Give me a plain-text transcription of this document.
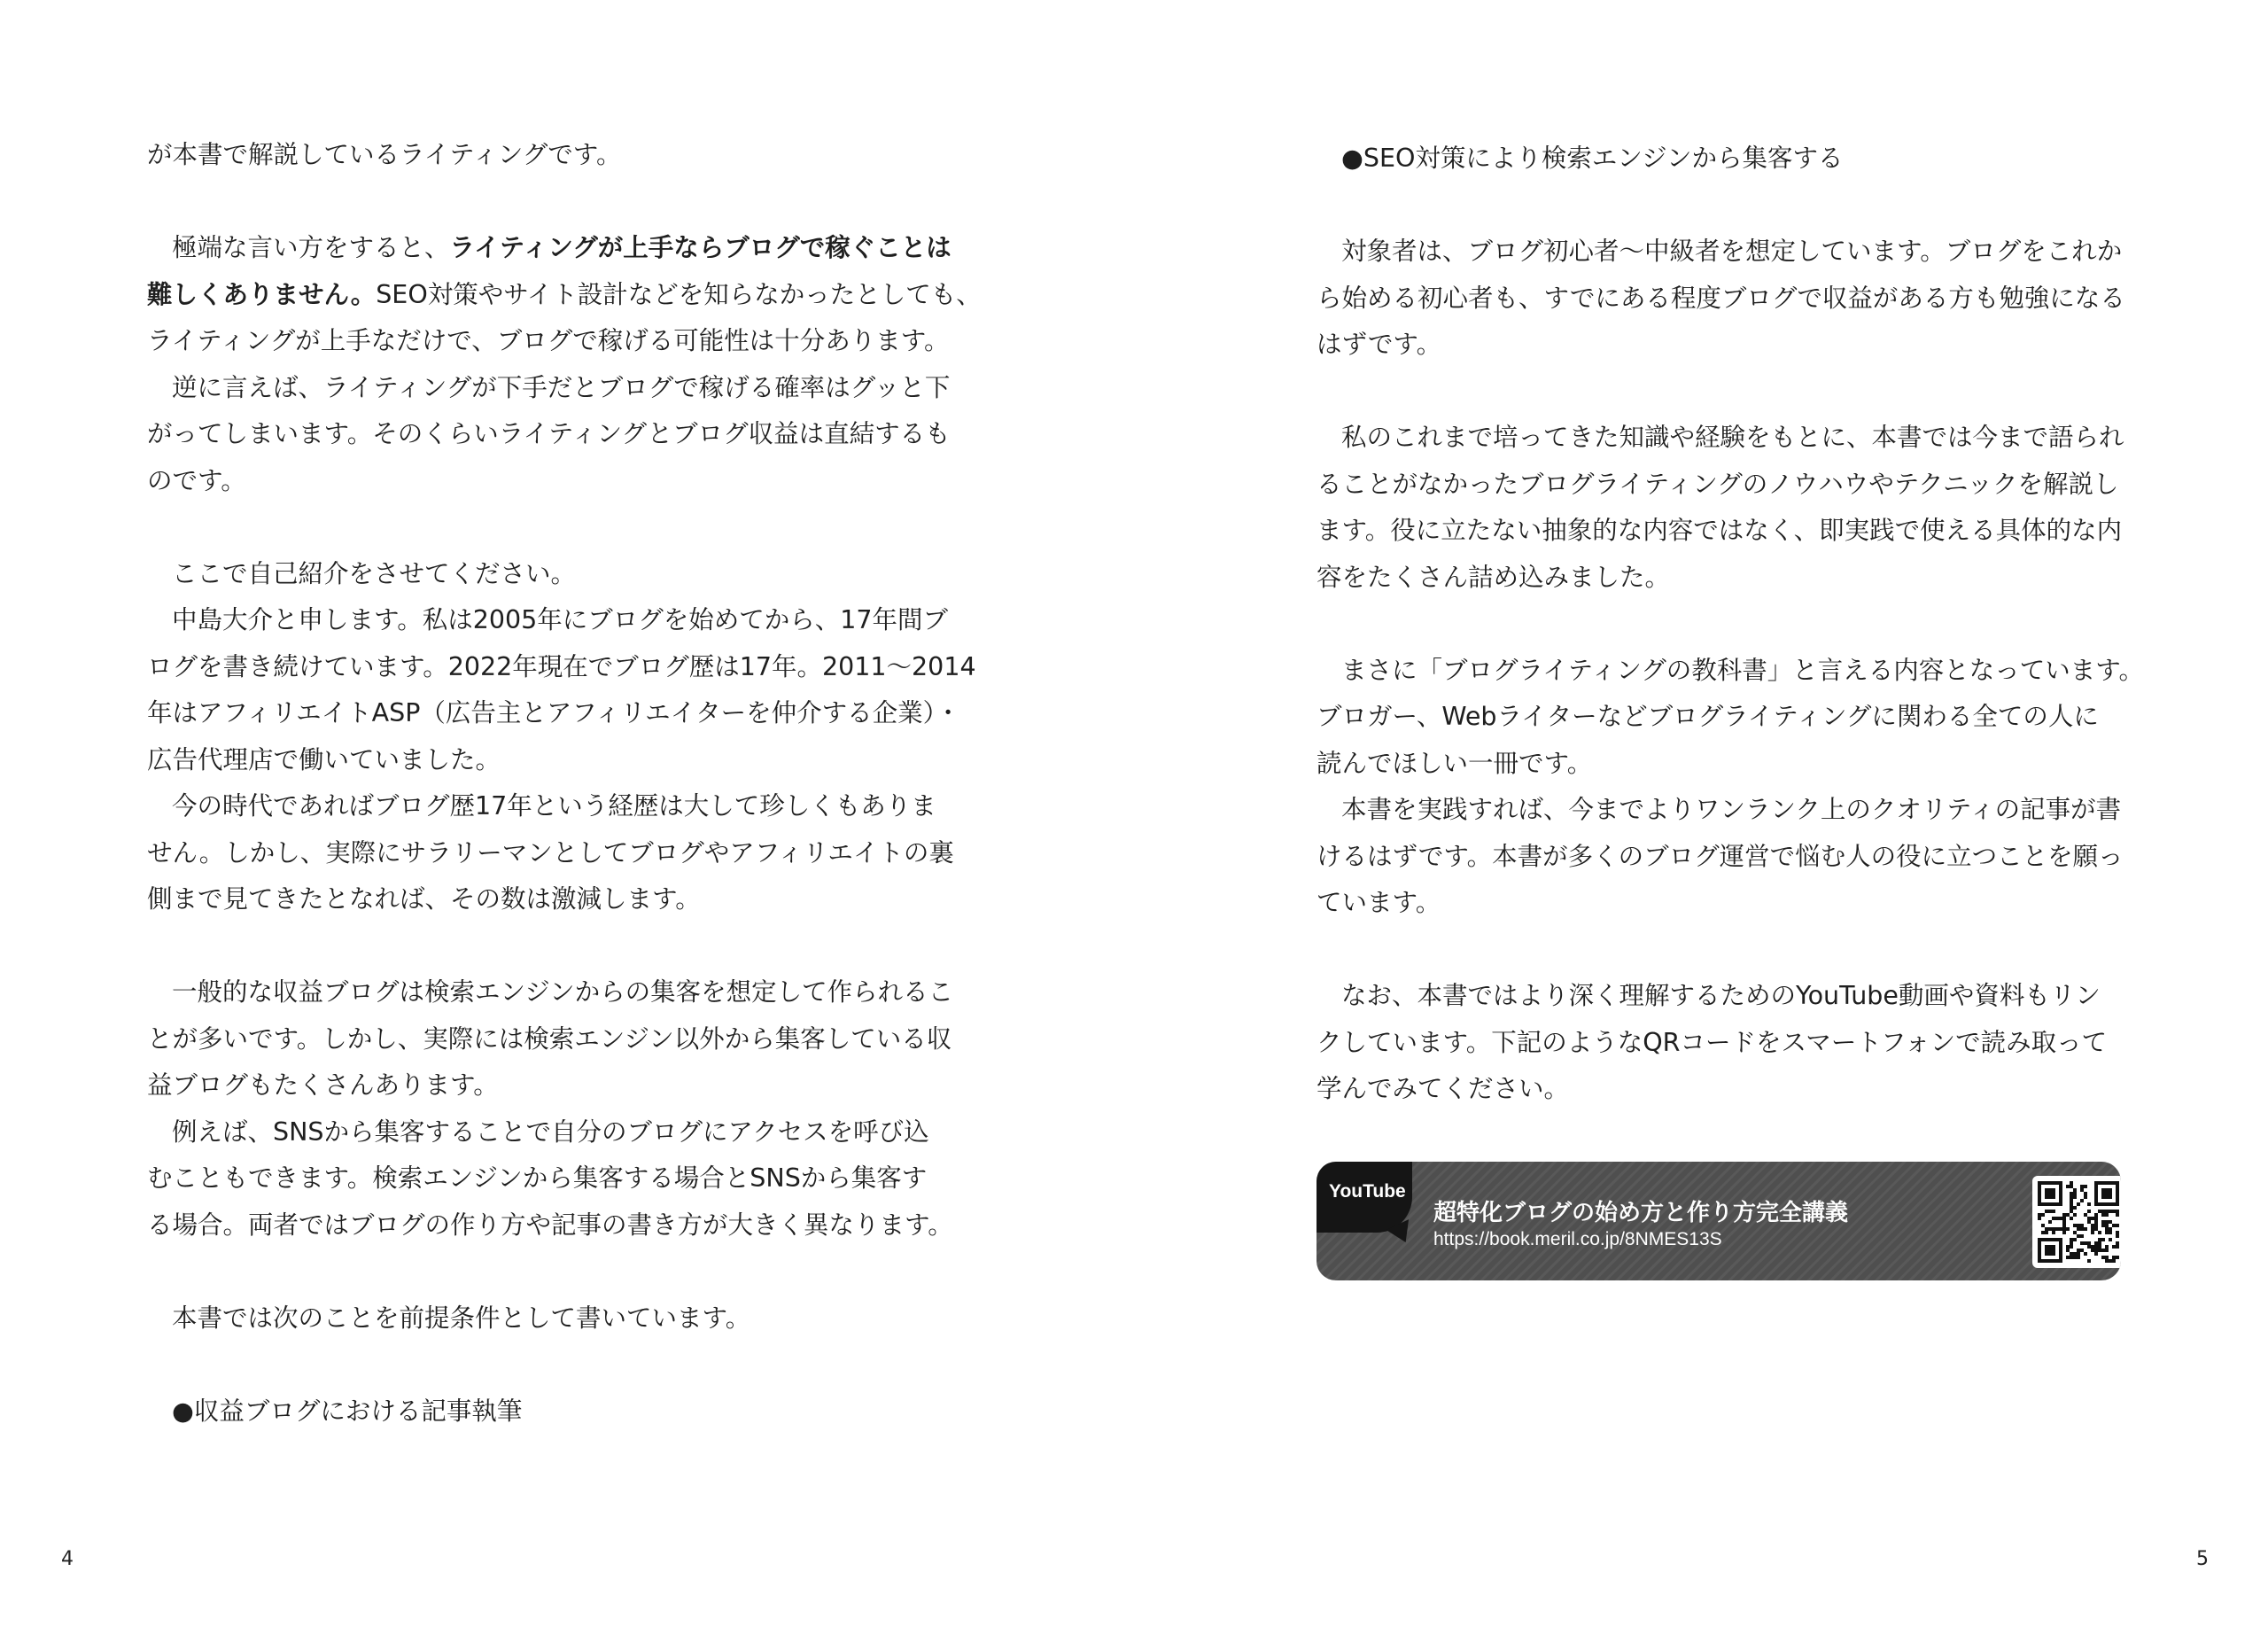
が本書で解説しているライティングです。
極端な言い方をすると、ライティングが上手ならブログで稼ぐことは
難しくありません。SEO対策やサイト設計などを知らなかったとしても、
ライティングが上手なだけで、ブログで稼げる可能性は十分あります。
逆に言えば、ライティングが下手だとブログで稼げる確率はグッと下
がってしまいます。そのくらいライティングとブログ収益は直結するも
のです。
ここで自己紹介をさせてください。
中島大介と申します。私は2005年にブログを始めてから、17年間ブ
ログを書き続けています。2022年現在でブログ歴は17年。2011〜2014
年はアフィリエイトASP（広告主とアフィリエイターを仲介する企業）・
広告代理店で働いていました。
今の時代であればブログ歴17年という経歴は大して珍しくもありま
せん。しかし、実際にサラリーマンとしてブログやアフィリエイトの裏
側まで見てきたとなれば、その数は激減します。
一般的な収益ブログは検索エンジンからの集客を想定して作られるこ
とが多いです。しかし、実際には検索エンジン以外から集客している収
益ブログもたくさんあります。
例えば、SNSから集客することで自分のブログにアクセスを呼び込
むこともできます。検索エンジンから集客する場合とSNSから集客す
る場合。両者ではブログの作り方や記事の書き方が大きく異なります。
本書では次のことを前提条件として書いています。
●収益ブログにおける記事執筆
4
●SEO対策により検索エンジンから集客する
対象者は、ブログ初心者〜中級者を想定しています。ブログをこれか
ら始める初心者も、すでにある程度ブログで収益がある方も勉強になる
はずです。
私のこれまで培ってきた知識や経験をもとに、本書では今まで語られ
ることがなかったブログライティングのノウハウやテクニックを解説し
ます。役に立たない抽象的な内容ではなく、即実践で使える具体的な内
容をたくさん詰め込みました。
まさに「ブログライティングの教科書」と言える内容となっています。
ブロガー、Webライターなどブログライティングに関わる全ての人に
読んでほしい一冊です。
本書を実践すれば、今までよりワンランク上のクオリティの記事が書
けるはずです。本書が多くのブログ運営で悩む人の役に立つことを願っ
ています。
なお、本書ではより深く理解するためのYouTube動画や資料もリン
クしています。下記のようなQRコードをスマートフォンで読み取って
学んでみてください。
YouTube
超特化ブログの始め方と作り方完全講義
https://book.meril.co.jp/8NMES13S
5
